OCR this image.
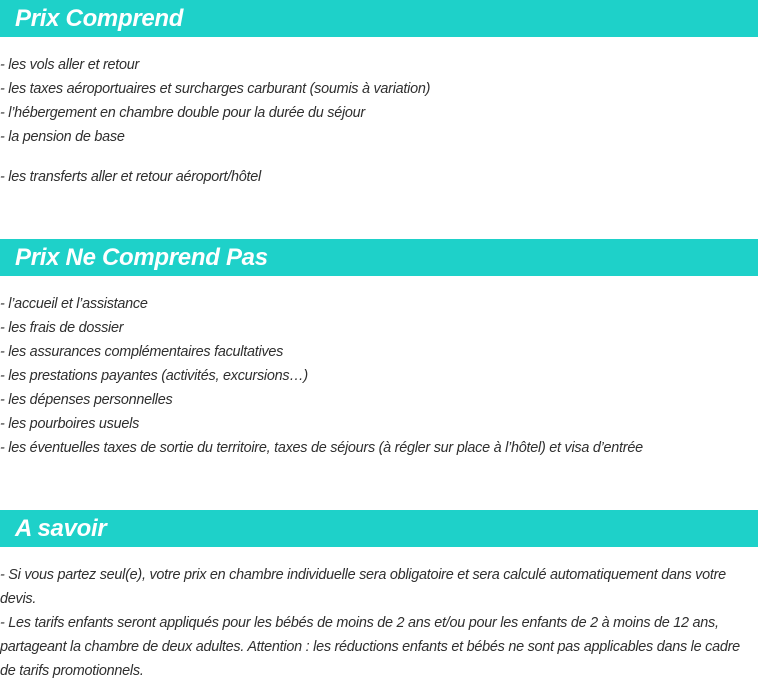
Prix Comprend
- les vols aller et retour
- les taxes aéroportuaires et surcharges carburant (soumis à variation)
- l’hébergement en chambre double pour la durée du séjour
- la pension de base
- les transferts aller et retour aéroport/hôtel
Prix Ne Comprend Pas
- l’accueil et l’assistance
- les frais de dossier
- les assurances complémentaires facultatives
- les prestations payantes (activités, excursions…)
- les dépenses personnelles
- les pourboires usuels
- les éventuelles taxes de sortie du territoire, taxes de séjours (à régler sur place à l’hôtel) et visa d’entrée
A savoir

- Si vous partez seul(e), votre prix en chambre individuelle sera obligatoire et sera calculé automatiquement dans votre devis.

- Les tarifs enfants seront appliqués pour les bébés de moins de 2 ans et/ou pour les enfants de 2 à moins de 12 ans, partageant la chambre de deux adultes. Attention : les réductions enfants et bébés ne sont pas applicables dans le cadre de tarifs promotionnels.
